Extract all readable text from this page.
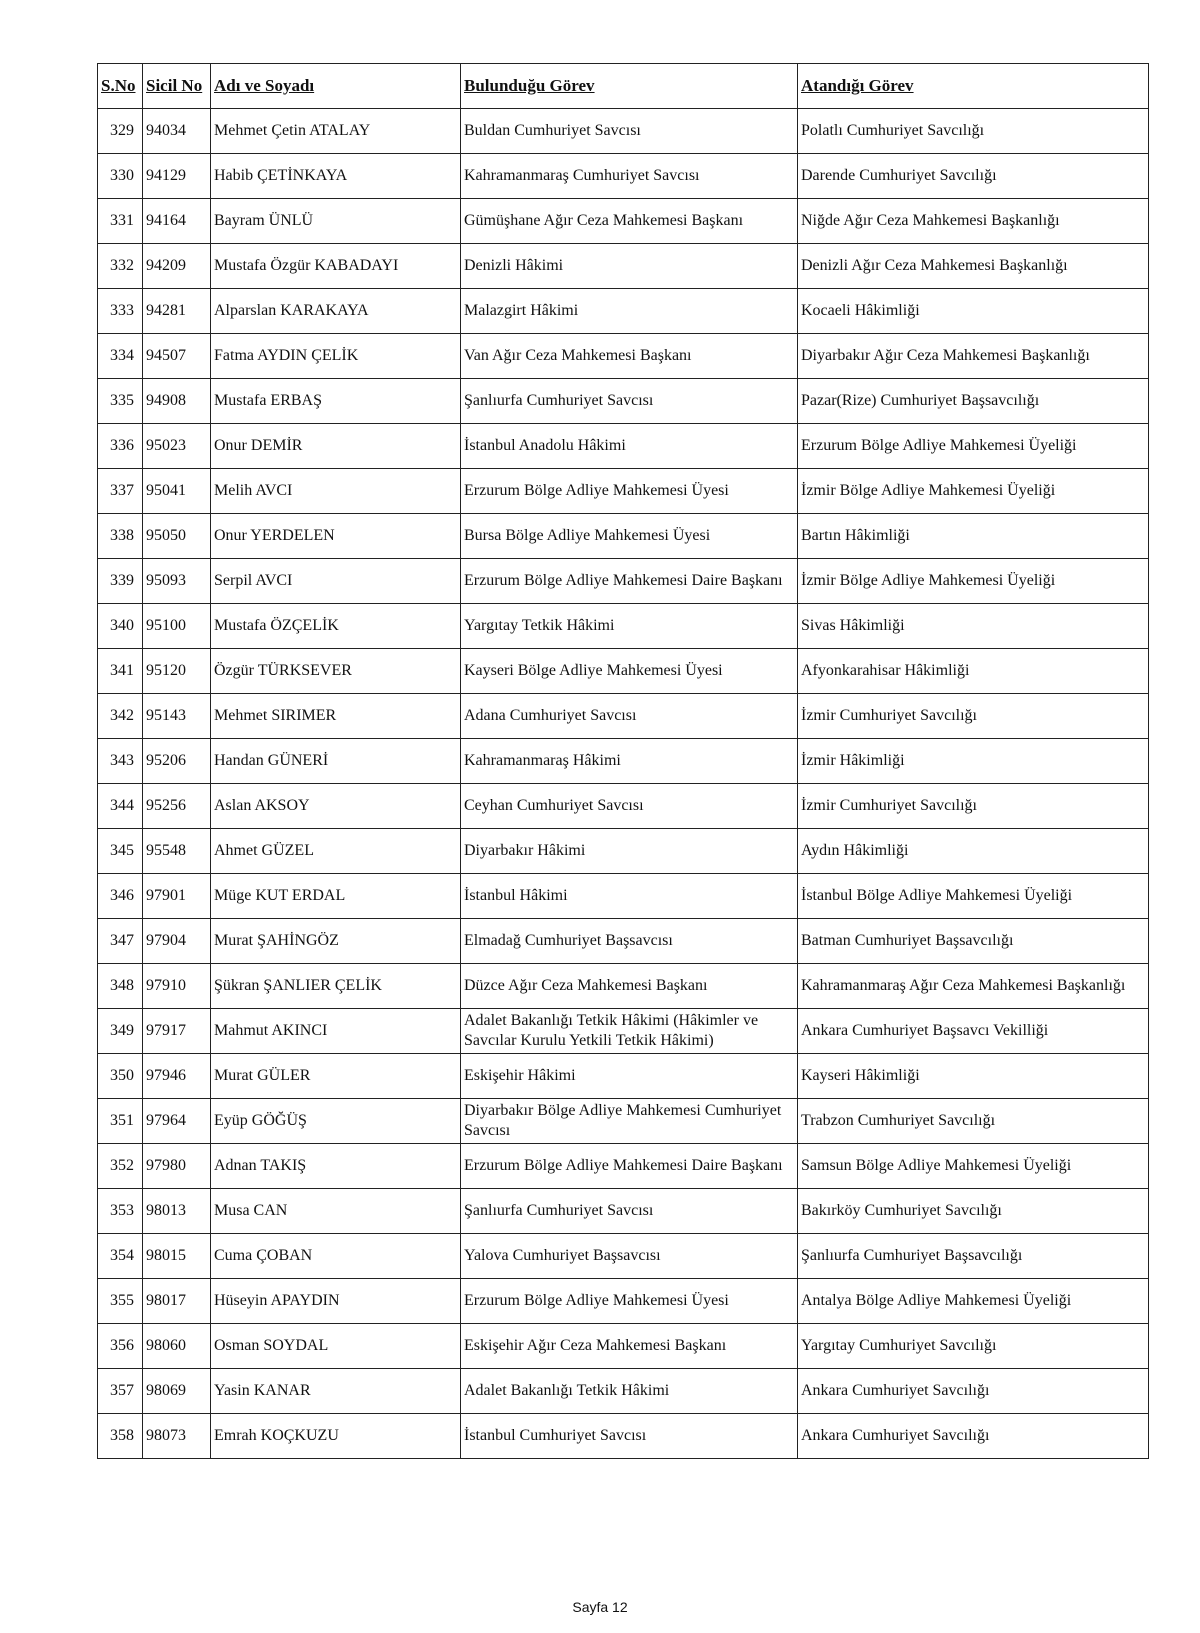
S.No	Sicil No	Adı ve Soyadı	Bulunduğu Görev	Atandığı Görev
329	94034	Mehmet Çetin ATALAY	Buldan Cumhuriyet Savcısı	Polatlı Cumhuriyet Savcılığı
330	94129	Habib ÇETİNKAYA	Kahramanmaraş Cumhuriyet Savcısı	Darende Cumhuriyet Savcılığı
331	94164	Bayram ÜNLÜ	Gümüşhane Ağır Ceza Mahkemesi Başkanı	Niğde Ağır Ceza Mahkemesi Başkanlığı
332	94209	Mustafa Özgür KABADAYI	Denizli Hâkimi	Denizli Ağır Ceza Mahkemesi Başkanlığı
333	94281	Alparslan KARAKAYA	Malazgirt Hâkimi	Kocaeli Hâkimliği
334	94507	Fatma AYDIN ÇELİK	Van Ağır Ceza Mahkemesi Başkanı	Diyarbakır Ağır Ceza Mahkemesi Başkanlığı
335	94908	Mustafa ERBAŞ	Şanlıurfa Cumhuriyet Savcısı	Pazar(Rize) Cumhuriyet Başsavcılığı
336	95023	Onur DEMİR	İstanbul Anadolu Hâkimi	Erzurum Bölge Adliye Mahkemesi Üyeliği
337	95041	Melih AVCI	Erzurum Bölge Adliye Mahkemesi Üyesi	İzmir Bölge Adliye Mahkemesi Üyeliği
338	95050	Onur YERDELEN	Bursa Bölge Adliye Mahkemesi Üyesi	Bartın Hâkimliği
339	95093	Serpil AVCI	Erzurum Bölge Adliye Mahkemesi Daire Başkanı	İzmir Bölge Adliye Mahkemesi Üyeliği
340	95100	Mustafa ÖZÇELİK	Yargıtay Tetkik Hâkimi	Sivas Hâkimliği
341	95120	Özgür TÜRKSEVER	Kayseri Bölge Adliye Mahkemesi Üyesi	Afyonkarahisar Hâkimliği
342	95143	Mehmet SIRIMER	Adana Cumhuriyet Savcısı	İzmir Cumhuriyet Savcılığı
343	95206	Handan GÜNERİ	Kahramanmaraş Hâkimi	İzmir Hâkimliği
344	95256	Aslan AKSOY	Ceyhan Cumhuriyet Savcısı	İzmir Cumhuriyet Savcılığı
345	95548	Ahmet GÜZEL	Diyarbakır Hâkimi	Aydın Hâkimliği
346	97901	Müge KUT ERDAL	İstanbul Hâkimi	İstanbul Bölge Adliye Mahkemesi Üyeliği
347	97904	Murat ŞAHİNGÖZ	Elmadağ Cumhuriyet Başsavcısı	Batman Cumhuriyet Başsavcılığı
348	97910	Şükran ŞANLIER ÇELİK	Düzce Ağır Ceza Mahkemesi Başkanı	Kahramanmaraş Ağır Ceza Mahkemesi Başkanlığı
349	97917	Mahmut AKINCI	Adalet Bakanlığı Tetkik Hâkimi (Hâkimler ve Savcılar Kurulu Yetkili Tetkik Hâkimi)	Ankara Cumhuriyet Başsavcı Vekilliği
350	97946	Murat GÜLER	Eskişehir Hâkimi	Kayseri Hâkimliği
351	97964	Eyüp GÖĞÜŞ	Diyarbakır Bölge Adliye Mahkemesi Cumhuriyet Savcısı	Trabzon Cumhuriyet Savcılığı
352	97980	Adnan TAKIŞ	Erzurum Bölge Adliye Mahkemesi Daire Başkanı	Samsun Bölge Adliye Mahkemesi Üyeliği
353	98013	Musa CAN	Şanlıurfa Cumhuriyet Savcısı	Bakırköy Cumhuriyet Savcılığı
354	98015	Cuma ÇOBAN	Yalova Cumhuriyet Başsavcısı	Şanlıurfa Cumhuriyet Başsavcılığı
355	98017	Hüseyin APAYDIN	Erzurum Bölge Adliye Mahkemesi Üyesi	Antalya Bölge Adliye Mahkemesi Üyeliği
356	98060	Osman SOYDAL	Eskişehir Ağır Ceza Mahkemesi Başkanı	Yargıtay Cumhuriyet Savcılığı
357	98069	Yasin KANAR	Adalet Bakanlığı Tetkik Hâkimi	Ankara Cumhuriyet Savcılığı
358	98073	Emrah KOÇKUZU	İstanbul Cumhuriyet Savcısı	Ankara Cumhuriyet Savcılığı
Sayfa 12
